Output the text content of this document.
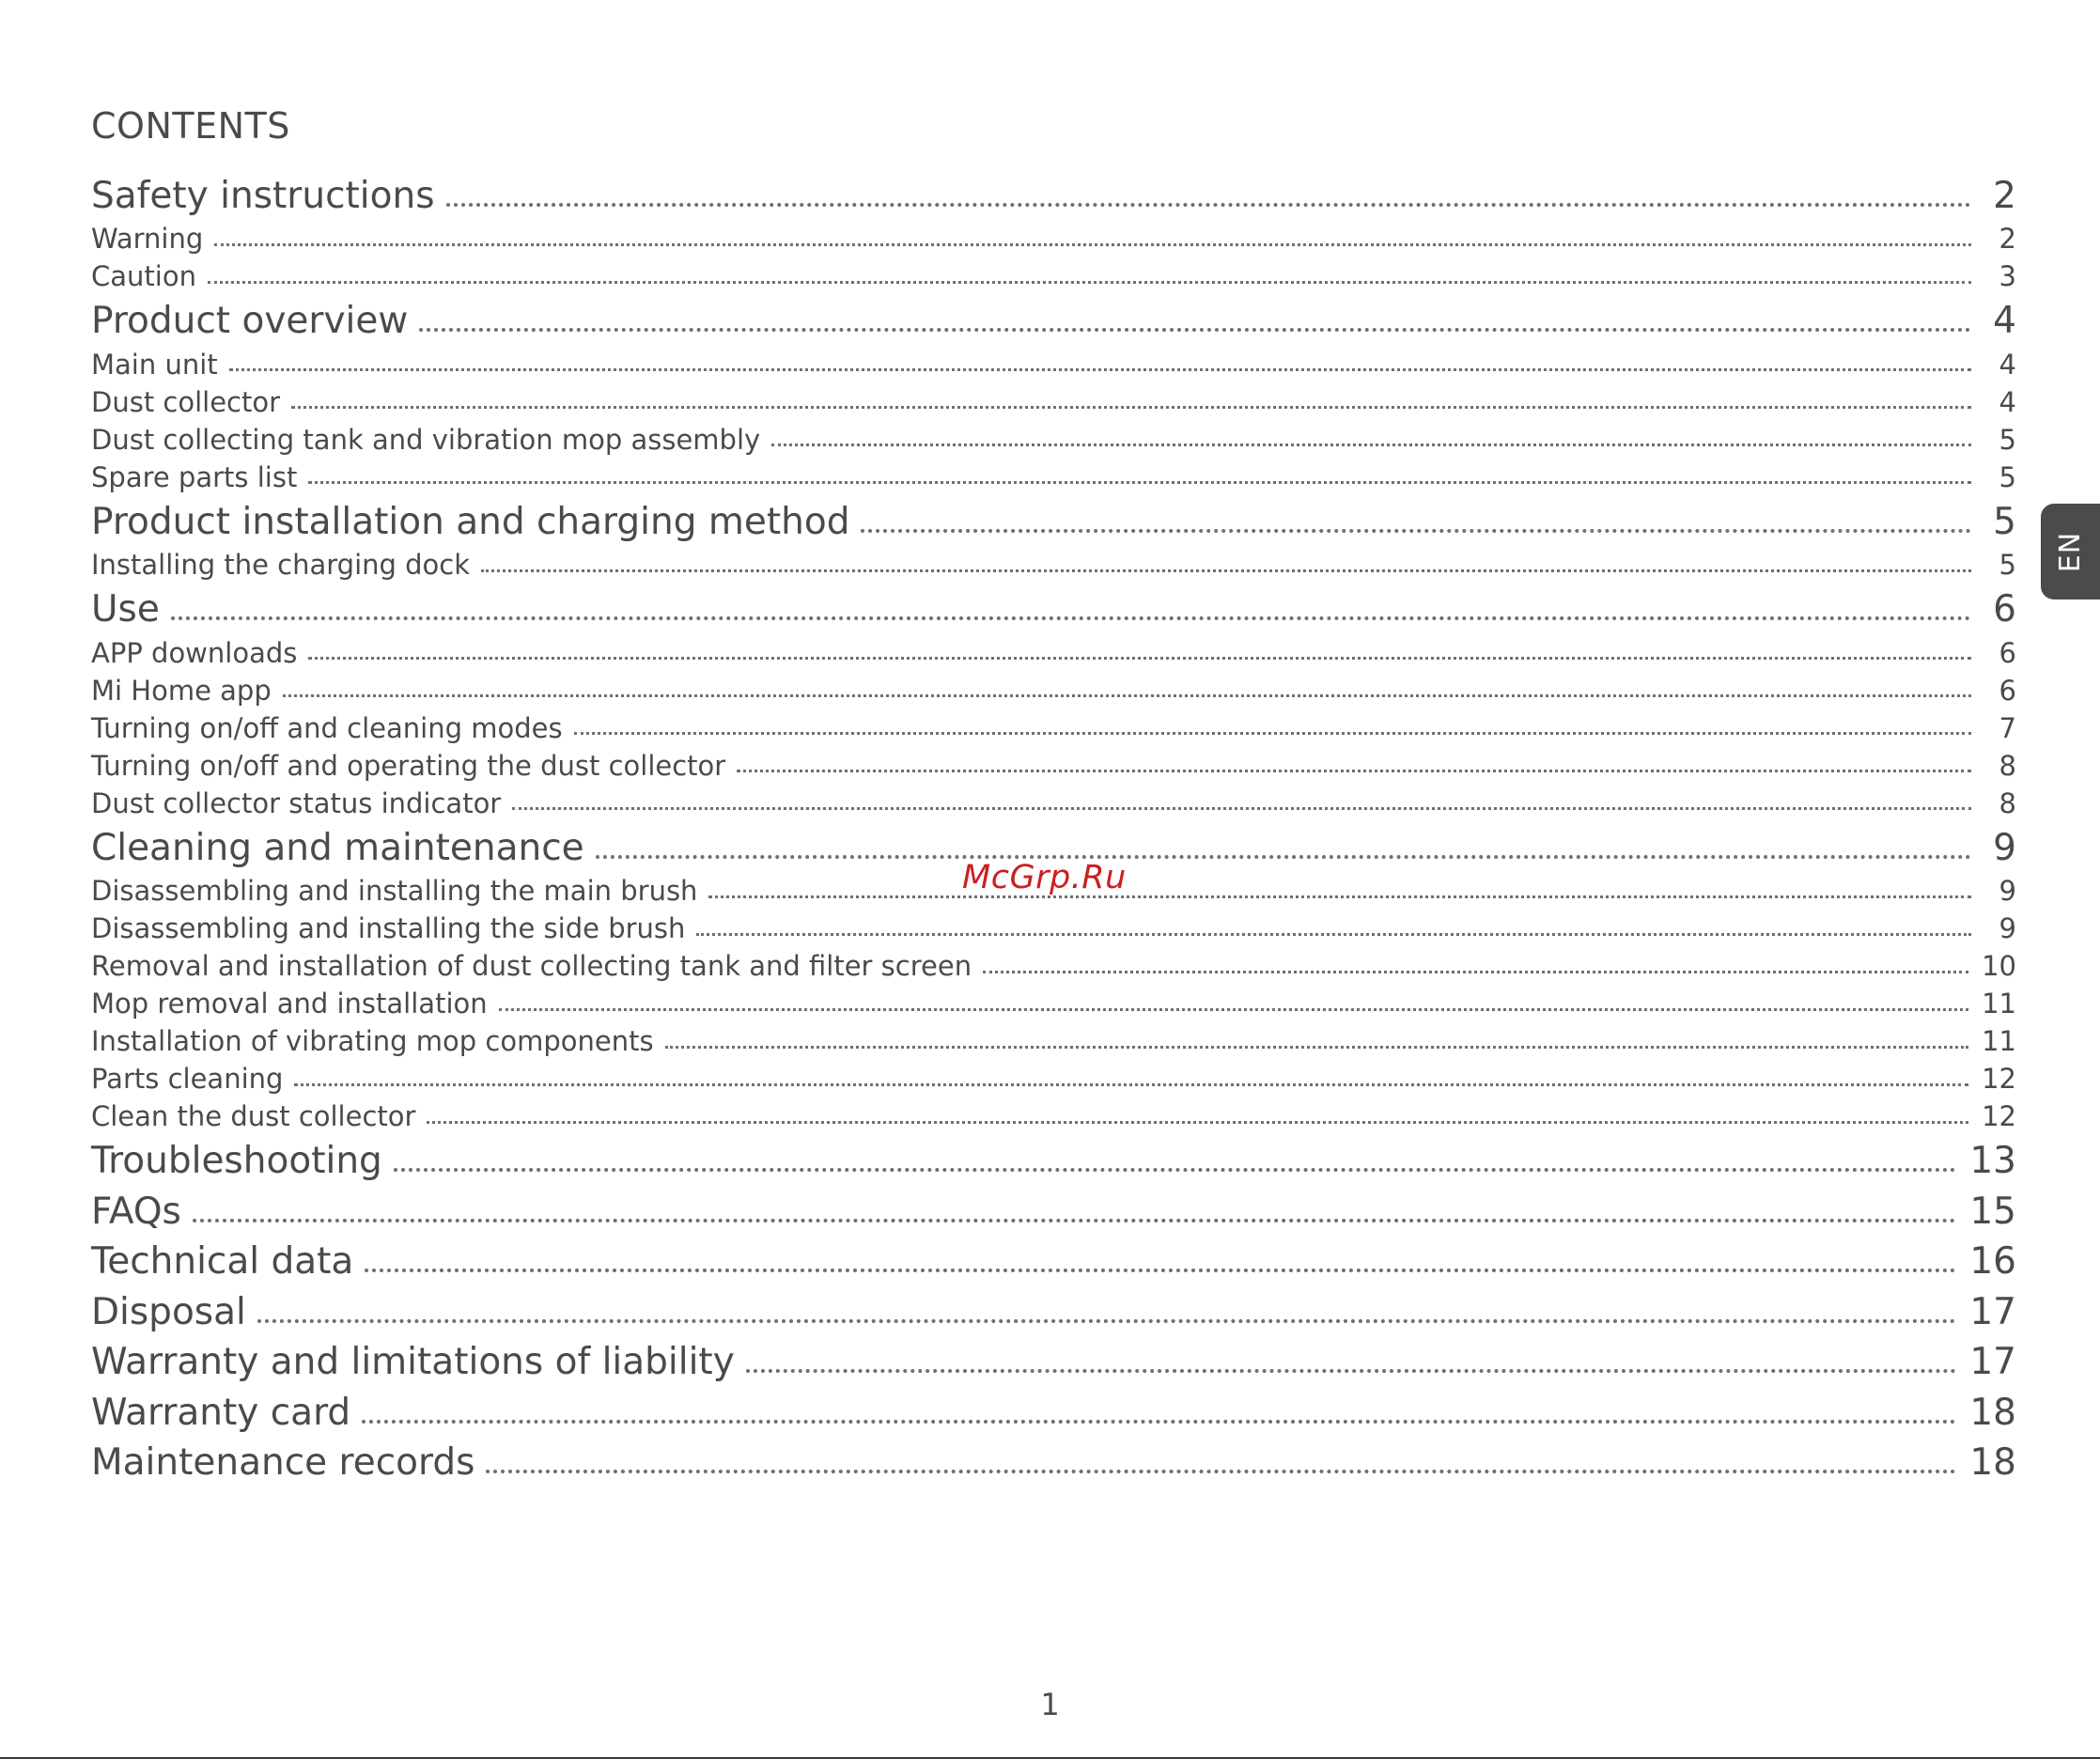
CONTENTS
Safety instructions	2
Warning	2
Caution	3
Product overview	4
Main unit	4
Dust collector	4
Dust collecting tank and vibration mop assembly	5
Spare parts list	5
Product installation and charging method	5
Installing the charging dock	5
Use	6
APP downloads	6
Mi Home app	6
Turning on/off and cleaning modes	7
Turning on/off and operating the dust collector	8
Dust collector status indicator	8
Cleaning and maintenance	9
Disassembling and installing the main brush	9
Disassembling and installing the side brush	9
Removal and installation of dust collecting tank and filter screen	10
Mop removal and installation	11
Installation of vibrating mop components	11
Parts cleaning	12
Clean the dust collector	12
Troubleshooting	13
FAQs	15
Technical data	16
Disposal	17
Warranty and limitations of liability	17
Warranty card	18
Maintenance records	18
McGrp.Ru
EN
1
